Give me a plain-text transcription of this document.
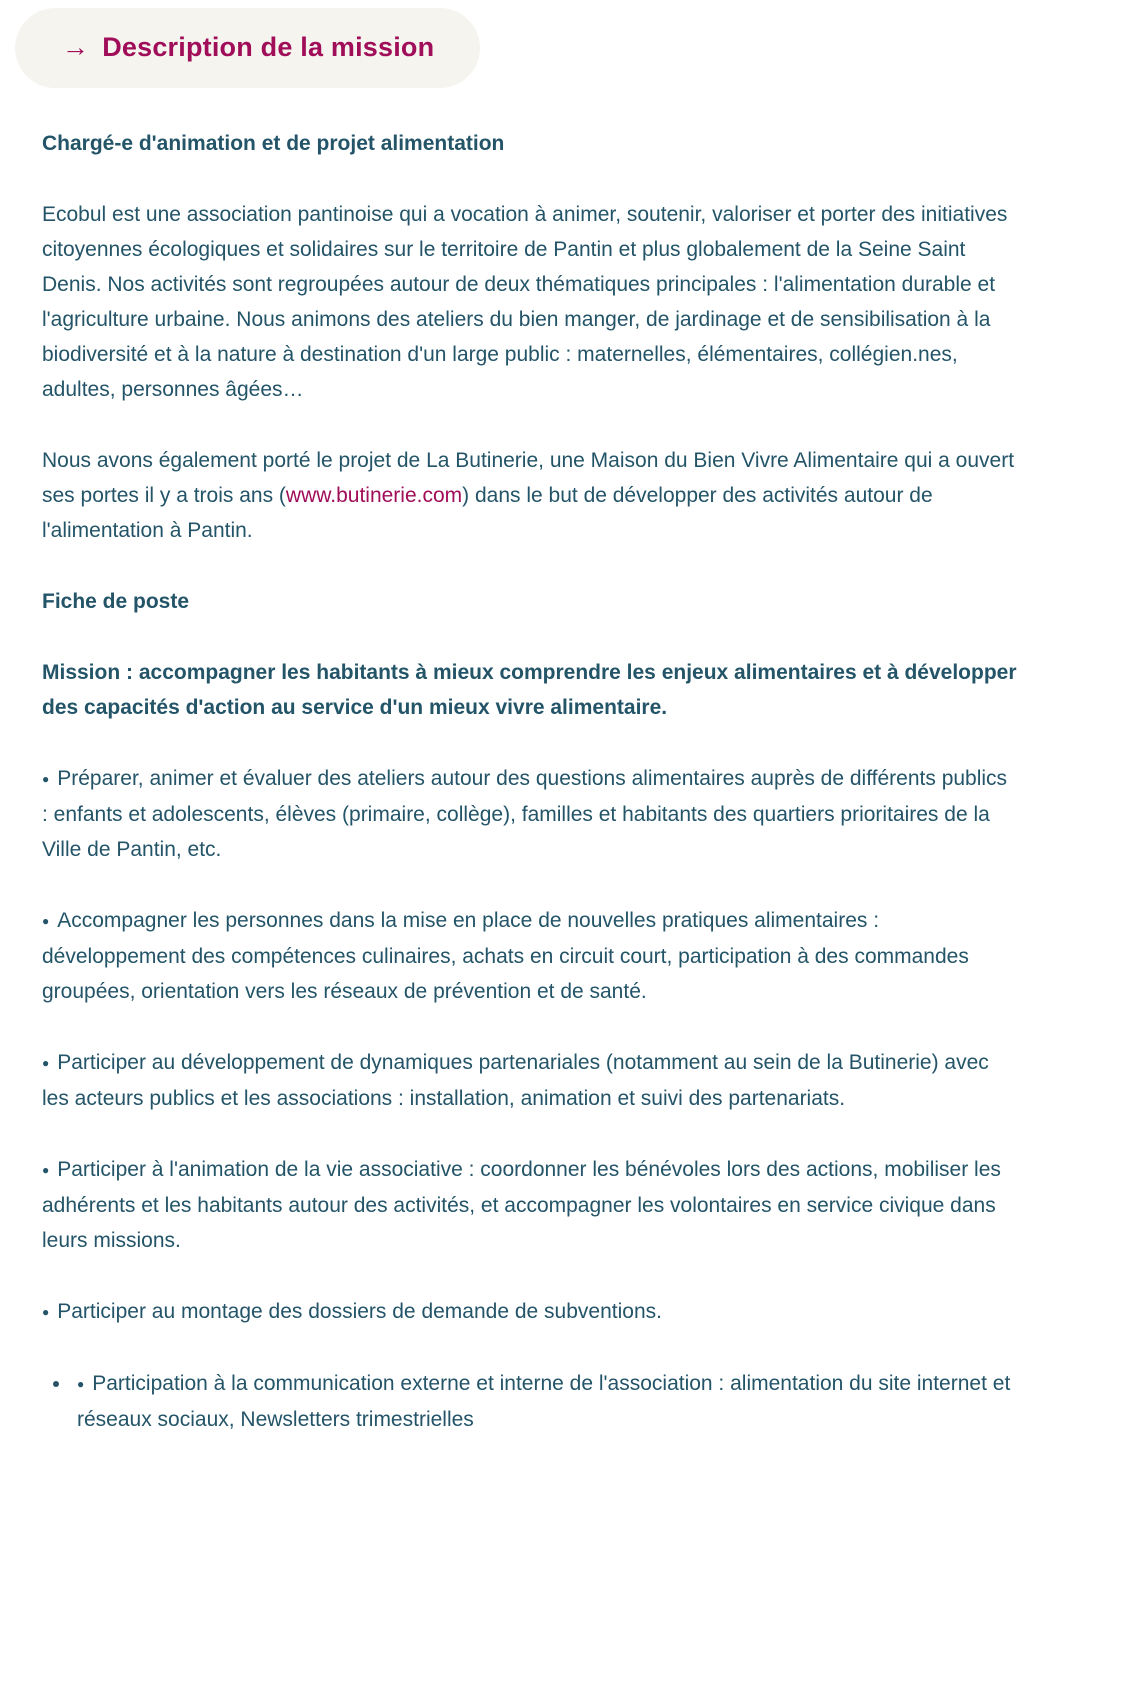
→ Description de la mission

Chargé-e d'animation et de projet alimentation

Ecobul est une association pantinoise qui a vocation à animer, soutenir, valoriser et porter des initiatives citoyennes écologiques et solidaires sur le territoire de Pantin et plus globalement de la Seine Saint Denis. Nos activités sont regroupées autour de deux thématiques principales : l'alimentation durable et l'agriculture urbaine. Nous animons des ateliers du bien manger, de jardinage et de sensibilisation à la biodiversité et à la nature à destination d'un large public : maternelles, élémentaires, collégien.nes, adultes, personnes âgées…

Nous avons également porté le projet de La Butinerie, une Maison du Bien Vivre Alimentaire qui a ouvert ses portes il y a trois ans (www.butinerie.com) dans le but de développer des activités autour de l'alimentation à Pantin.

Fiche de poste

Mission : accompagner les habitants à mieux comprendre les enjeux alimentaires et à développer des capacités d'action au service d'un mieux vivre alimentaire.

● Préparer, animer et évaluer des ateliers autour des questions alimentaires auprès de différents publics : enfants et adolescents, élèves (primaire, collège), familles et habitants des quartiers prioritaires de la Ville de Pantin, etc.

● Accompagner les personnes dans la mise en place de nouvelles pratiques alimentaires : développement des compétences culinaires, achats en circuit court, participation à des commandes groupées, orientation vers les réseaux de prévention et de santé.

● Participer au développement de dynamiques partenariales (notamment au sein de la Butinerie) avec les acteurs publics et les associations : installation, animation et suivi des partenariats.

● Participer à l'animation de la vie associative : coordonner les bénévoles lors des actions, mobiliser les adhérents et les habitants autour des activités, et accompagner les volontaires en service civique dans leurs missions.

● Participer au montage des dossiers de demande de subventions.

• ● Participation à la communication externe et interne de l'association : alimentation du site internet et réseaux sociaux, Newsletters trimestrielles
